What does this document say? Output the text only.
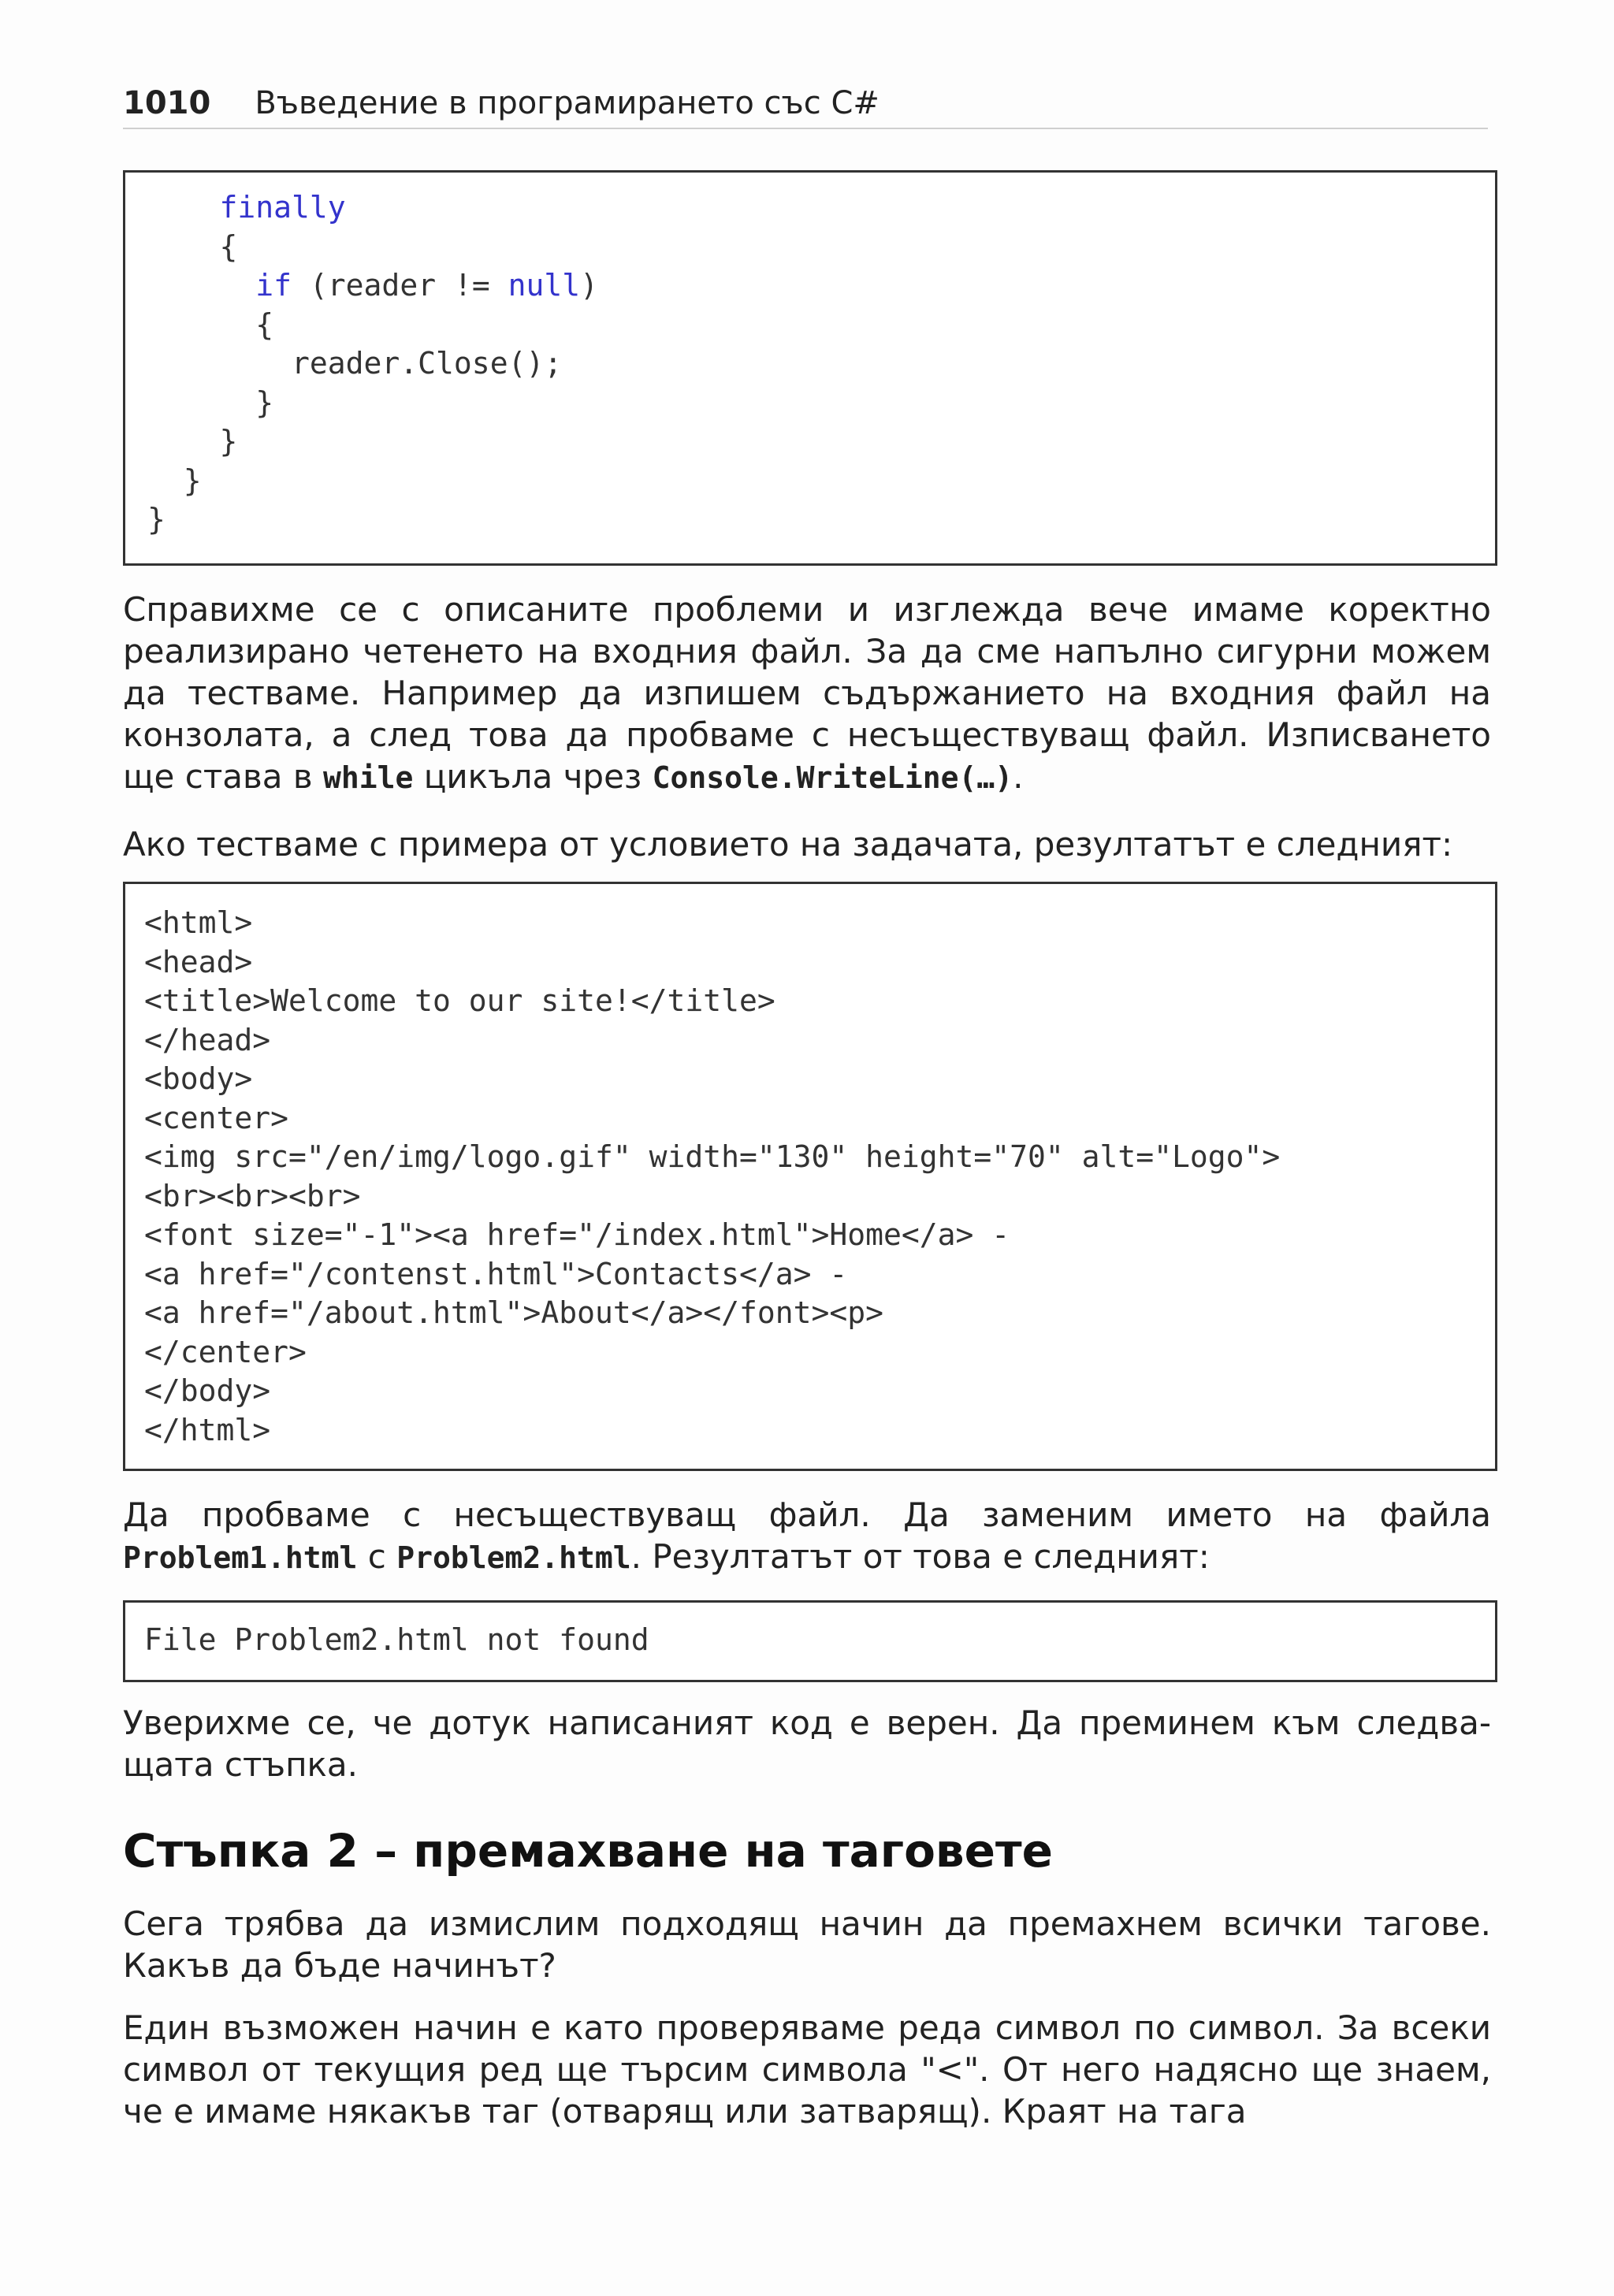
1010 Въведение в програмирането със C#
finally
{
if (reader != null)
{
reader.Close();
}
}
}
}

Справихме се с описаните проблеми и изглежда вече имаме коректно реализирано четенето на входния файл. За да сме напълно сигурни можем да тестваме. Например да изпишем съдържанието на входния файл на конзолата, а след това да пробваме с несъществуващ файл. Изписването ще става в while цикъла чрез Console.WriteLine(…).

Ако тестваме с примера от условието на задачата, резултатът е следният:

<html>
<head>
<title>Welcome to our site!</title>
</head>
<body>
<center>
<img src="/en/img/logo.gif" width="130" height="70" alt="Logo">
<br><br><br>
<font size="-1"><a href="/index.html">Home</a> -
<a href="/contenst.html">Contacts</a> -
<a href="/about.html">About</a></font><p>
</center>
</body>
</html>

Да пробваме с несъществуващ файл. Да заменим името на файла Problem1.html с Problem2.html. Резултатът от това е следният:

File Problem2.html not found

Уверихме се, че дотук написаният код е верен. Да преминем към следва-щата стъпка.

Стъпка 2 – премахване на таговете

Сега трябва да измислим подходящ начин да премахнем всички тагове. Какъв да бъде начинът?

Един възможен начин е като проверяваме реда символ по символ. За всеки символ от текущия ред ще търсим символа "<". От него надясно ще знаем, че е имаме някакъв таг (отварящ или затварящ). Краят на тага
